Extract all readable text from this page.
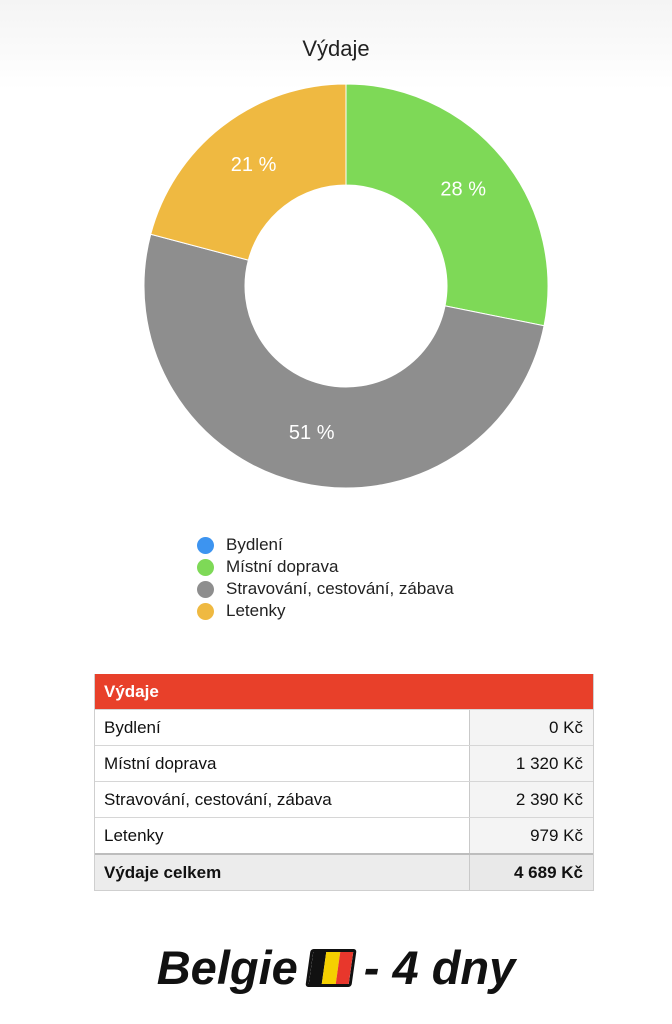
Výdaje
28 %
51 %
21 %
Bydlení
Místní doprava
Stravování, cestování, zábava
Letenky
Výdaje
Bydlení	0 Kč
Místní doprava	1 320 Kč
Stravování, cestování, zábava	2 390 Kč
Letenky	979 Kč
Výdaje celkem	4 689 Kč
Belgie - 4 dny
